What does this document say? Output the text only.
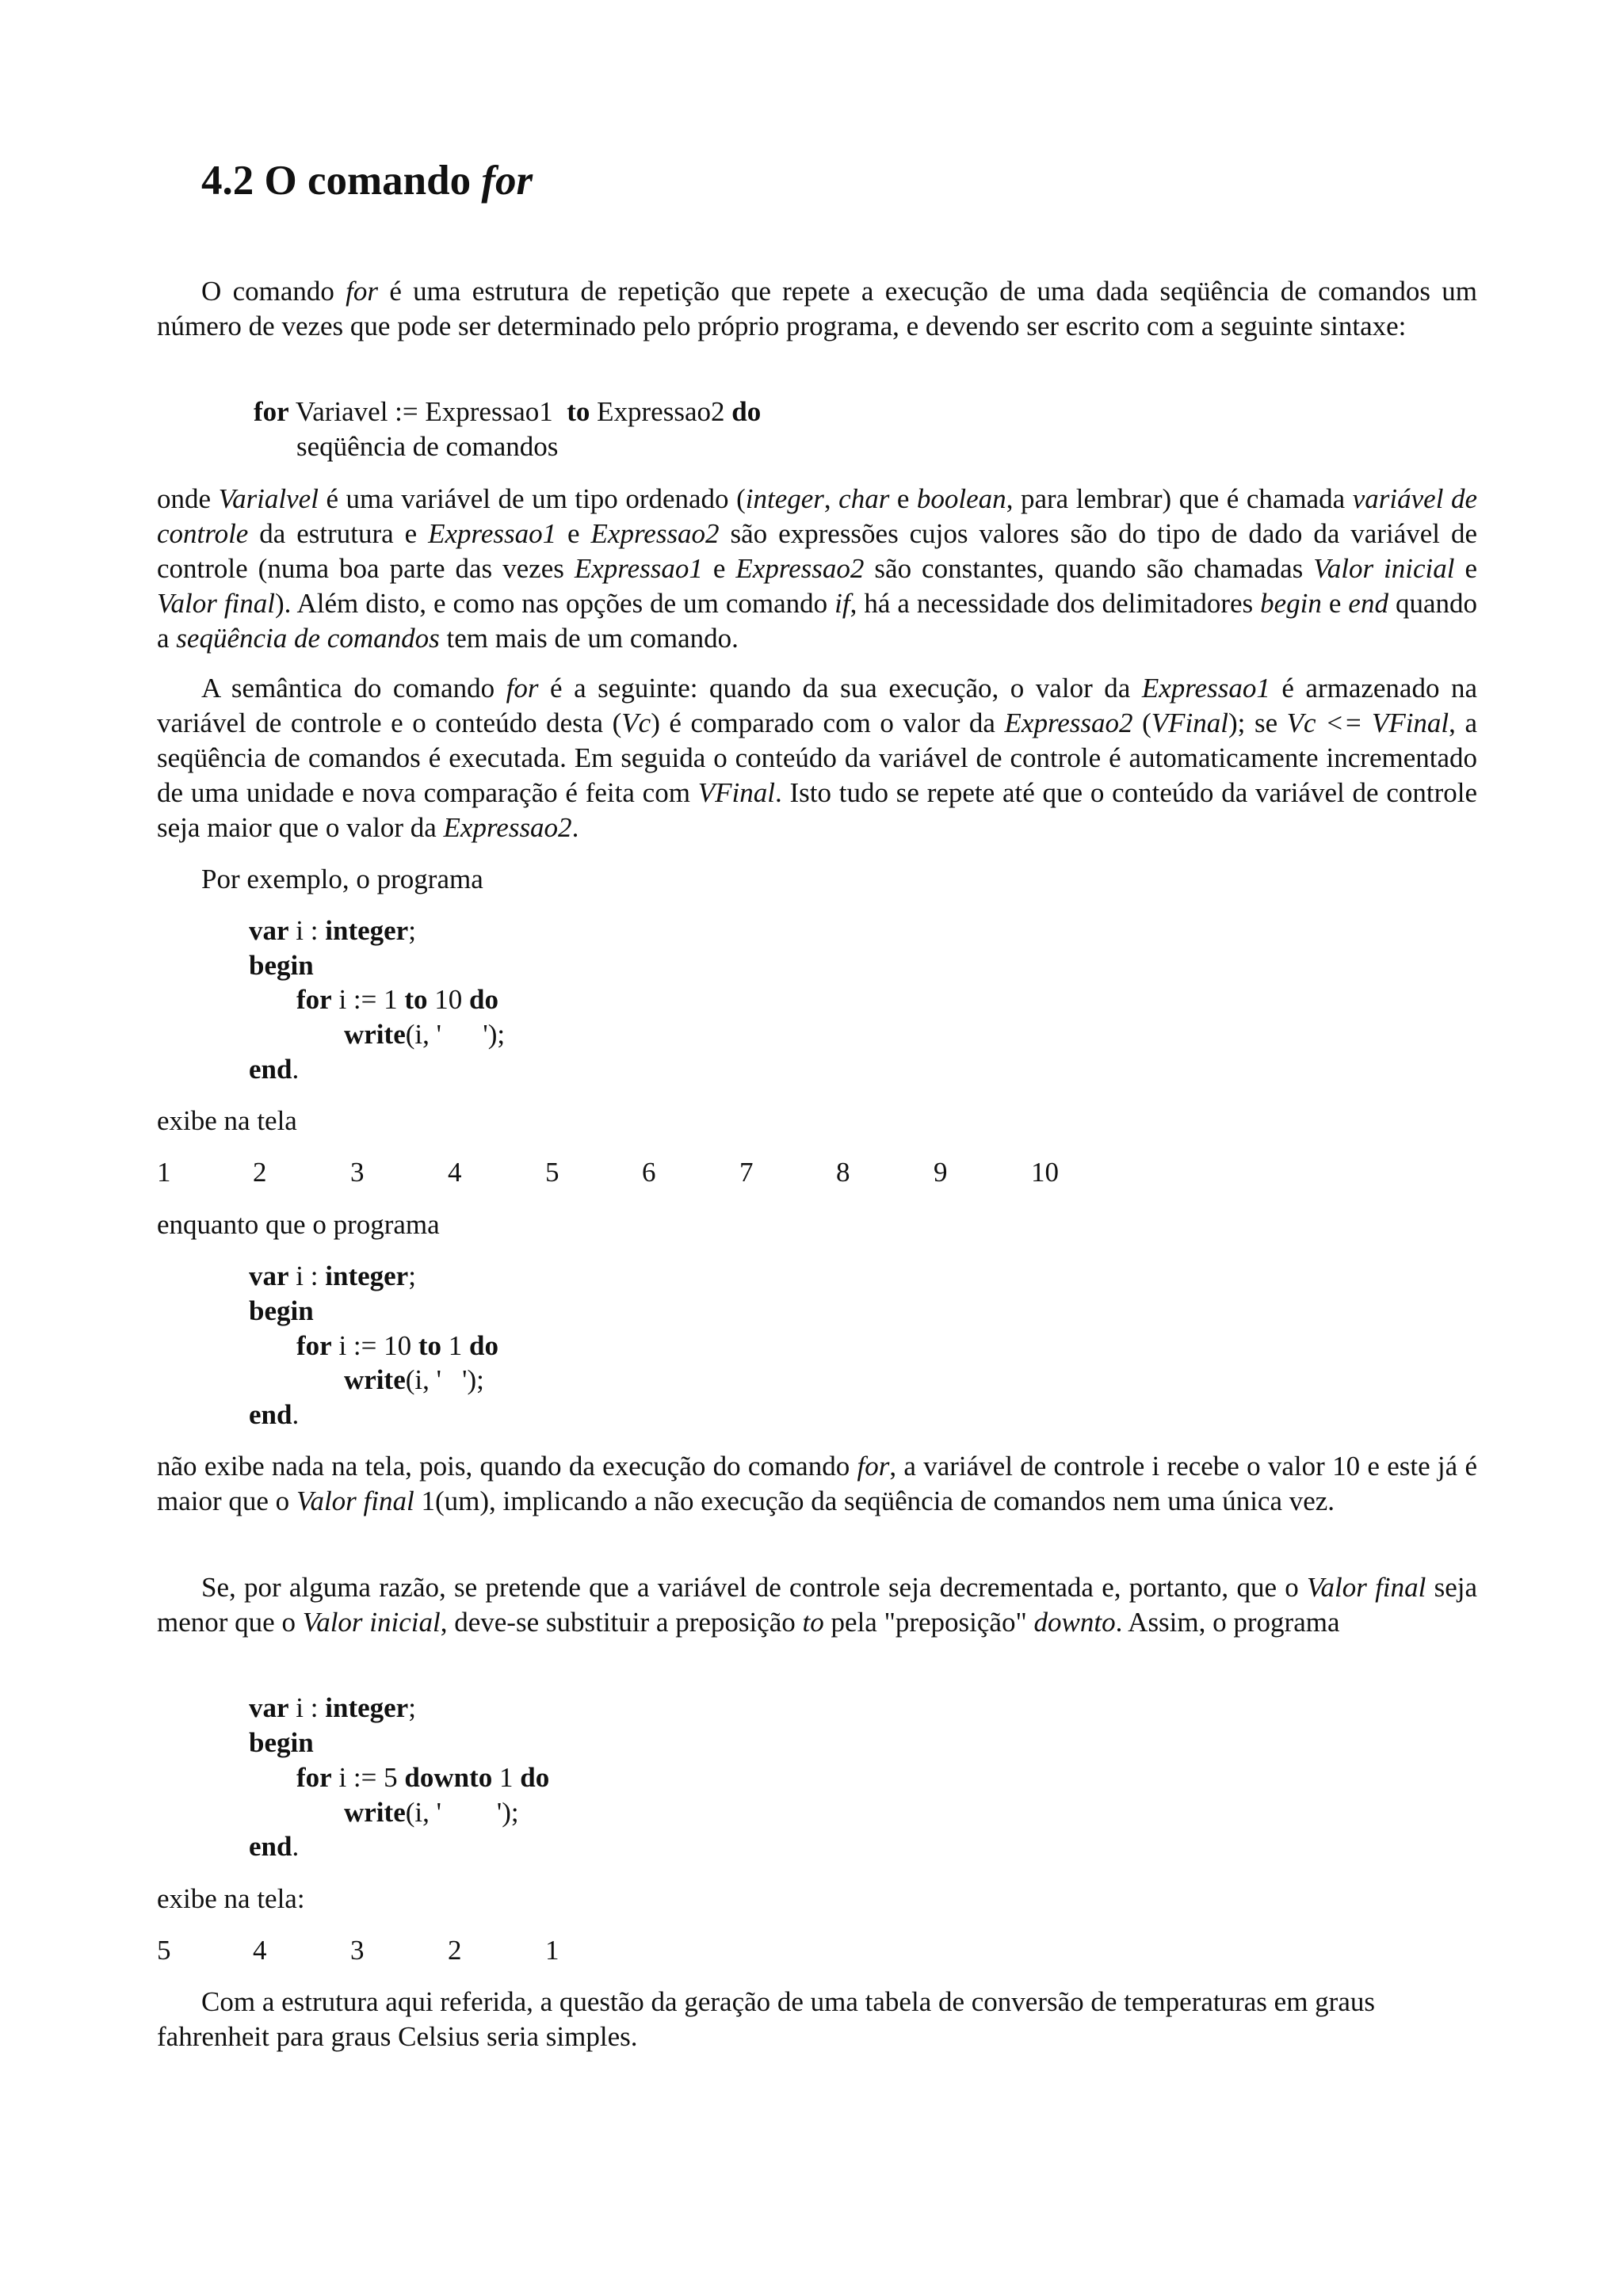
4.2 O comando for

O comando for é uma estrutura de repetição que repete a execução de uma dada seqüência de comandos um número de vezes que pode ser determinado pelo próprio programa, e devendo ser escrito com a seguinte sintaxe:

for Variavel := Expressao1  to Expressao2 do
seqüência de comandos

onde Varialvel é uma variável de um tipo ordenado (integer, char e boolean, para lembrar) que é chamada variável de controle da estrutura e Expressao1 e Expressao2 são expressões cujos valores são do tipo de dado da variável de controle (numa boa parte das vezes Expressao1 e Expressao2 são constantes, quando são chamadas Valor inicial e Valor final). Além disto, e como nas opções de um comando if, há a necessidade dos delimitadores begin e end quando a seqüência de comandos tem mais de um comando.

A semântica do comando for é a seguinte: quando da sua execução, o valor da Expressao1 é armazenado na variável de controle e o conteúdo desta (Vc) é comparado com o valor da Expressao2 (VFinal); se Vc <= VFinal, a seqüência de comandos é executada. Em seguida o conteúdo da variável de controle é automaticamente incrementado de uma unidade e nova comparação é feita com VFinal. Isto tudo se repete até que o conteúdo da variável de controle seja maior que o valor da Expressao2.

Por exemplo, o programa

var i : integer;
begin
for i := 1 to 10 do
write(i, '      ');
end.

exibe na tela

1	2	3	4	5	6	7	8	9	10

enquanto que o programa

var i : integer;
begin
for i := 10 to 1 do
write(i, '   ');
end.

não exibe nada na tela, pois, quando da execução do comando for, a variável de controle i recebe o valor 10 e este já é maior que o Valor final 1(um), implicando a não execução da seqüência de comandos nem uma única vez.

Se, por alguma razão, se pretende que a variável de controle seja decrementada e, portanto, que o Valor final seja menor que o Valor inicial, deve-se substituir a preposição to pela "preposição" downto. Assim, o programa

var i : integer;
begin
for i := 5 downto 1 do
write(i, '        ');
end.

exibe na tela:

5	4	3	2	1

Com a estrutura aqui referida, a questão da geração de uma tabela de conversão de temperaturas em graus fahrenheit para graus Celsius seria simples.
